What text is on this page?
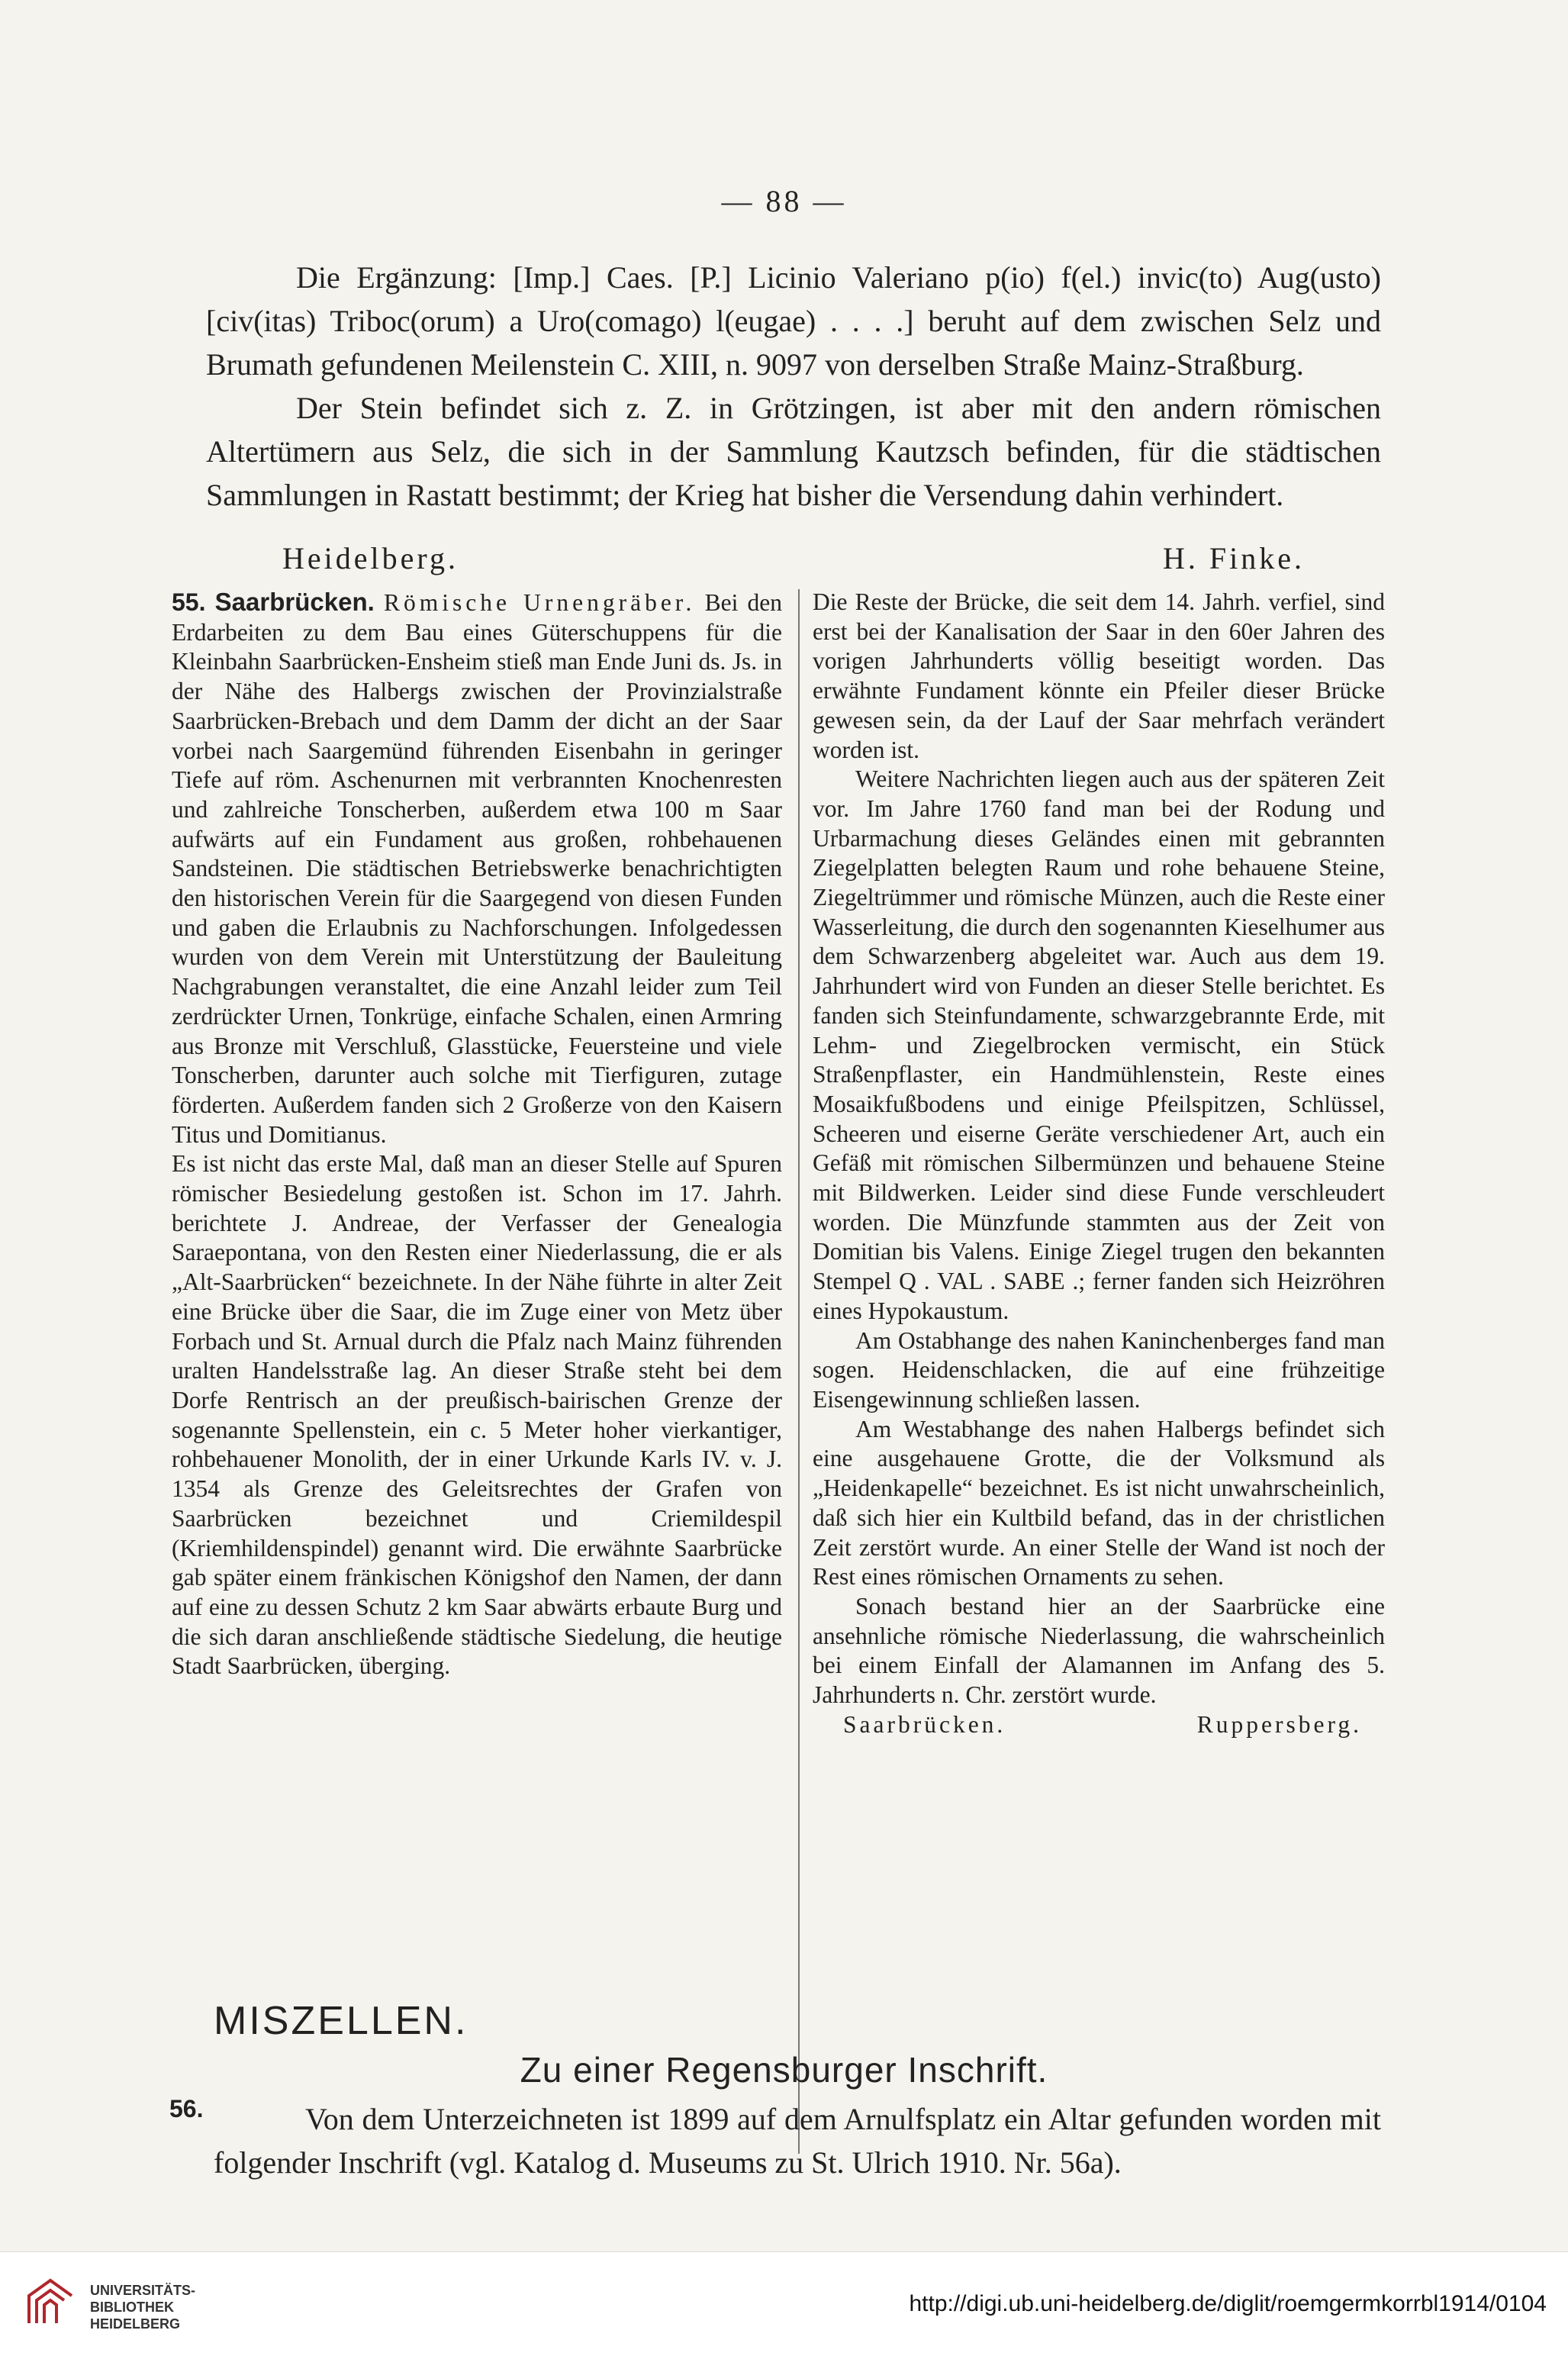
— 88 —

Die Ergänzung: [Imp.] Caes. [P.] Licinio Valeriano p(io) f(el.) invic(to) Aug(usto) [civ(itas) Triboc(orum) a Uro(comago) l(eugae) . . . .] beruht auf dem zwischen Selz und Brumath gefundenen Meilenstein C. XIII, n. 9097 von derselben Straße Mainz-Straßburg.

Der Stein befindet sich z. Z. in Grötzingen, ist aber mit den andern römischen Altertümern aus Selz, die sich in der Sammlung Kautzsch befinden, für die städtischen Sammlungen in Rastatt bestimmt; der Krieg hat bisher die Versendung dahin verhindert.

Heidelberg.	H. Finke.

55. Saarbrücken. Römische Urnengräber. Bei den Erdarbeiten zu dem Bau eines Güterschuppens für die Kleinbahn Saarbrücken-Ensheim stieß man Ende Juni ds. Js. in der Nähe des Halbergs zwischen der Provinzialstraße Saarbrücken-Brebach und dem Damm der dicht an der Saar vorbei nach Saargemünd führenden Eisenbahn in geringer Tiefe auf röm. Aschenurnen mit verbrannten Knochenresten und zahlreiche Tonscherben, außerdem etwa 100 m Saar aufwärts auf ein Fundament aus großen, rohbehauenen Sandsteinen. Die städtischen Betriebswerke benachrichtigten den historischen Verein für die Saargegend von diesen Funden und gaben die Erlaubnis zu Nachforschungen. Infolgedessen wurden von dem Verein mit Unterstützung der Bauleitung Nachgrabungen veranstaltet, die eine Anzahl leider zum Teil zerdrückter Urnen, Tonkrüge, einfache Schalen, einen Armring aus Bronze mit Verschluß, Glasstücke, Feuersteine und viele Tonscherben, darunter auch solche mit Tierfiguren, zutage förderten. Außerdem fanden sich 2 Großerze von den Kaisern Titus und Domitianus.

Es ist nicht das erste Mal, daß man an dieser Stelle auf Spuren römischer Besiedelung gestoßen ist. Schon im 17. Jahrh. berichtete J. Andreae, der Verfasser der Genealogia Saraepontana, von den Resten einer Niederlassung, die er als „Alt-Saarbrücken“ bezeichnete. In der Nähe führte in alter Zeit eine Brücke über die Saar, die im Zuge einer von Metz über Forbach und St. Arnual durch die Pfalz nach Mainz führenden uralten Handelsstraße lag. An dieser Straße steht bei dem Dorfe Rentrisch an der preußisch-bairischen Grenze der sogenannte Spellenstein, ein c. 5 Meter hoher vierkantiger, rohbehauener Monolith, der in einer Urkunde Karls IV. v. J. 1354 als Grenze des Geleitsrechtes der Grafen von Saarbrücken bezeichnet und Criemildespil (Kriemhildenspindel) genannt wird. Die erwähnte Saarbrücke gab später einem fränkischen Königshof den Namen, der dann auf eine zu dessen Schutz 2 km Saar abwärts erbaute Burg und die sich daran anschließende städtische Siedelung, die heutige Stadt Saarbrücken, überging.

Die Reste der Brücke, die seit dem 14. Jahrh. verfiel, sind erst bei der Kanalisation der Saar in den 60er Jahren des vorigen Jahrhunderts völlig beseitigt worden. Das erwähnte Fundament könnte ein Pfeiler dieser Brücke gewesen sein, da der Lauf der Saar mehrfach verändert worden ist.

Weitere Nachrichten liegen auch aus der späteren Zeit vor. Im Jahre 1760 fand man bei der Rodung und Urbarmachung dieses Geländes einen mit gebrannten Ziegelplatten belegten Raum und rohe behauene Steine, Ziegeltrümmer und römische Münzen, auch die Reste einer Wasserleitung, die durch den sogenannten Kieselhumer aus dem Schwarzenberg abgeleitet war. Auch aus dem 19. Jahrhundert wird von Funden an dieser Stelle berichtet. Es fanden sich Steinfundamente, schwarzgebrannte Erde, mit Lehm- und Ziegelbrocken vermischt, ein Stück Straßenpflaster, ein Handmühlenstein, Reste eines Mosaikfußbodens und einige Pfeilspitzen, Schlüssel, Scheeren und eiserne Geräte verschiedener Art, auch ein Gefäß mit römischen Silbermünzen und behauene Steine mit Bildwerken. Leider sind diese Funde verschleudert worden. Die Münzfunde stammten aus der Zeit von Domitian bis Valens. Einige Ziegel trugen den bekannten Stempel Q . VAL . SABE .; ferner fanden sich Heizröhren eines Hypokaustum.

Am Ostabhange des nahen Kaninchenberges fand man sogen. Heidenschlacken, die auf eine frühzeitige Eisengewinnung schließen lassen.

Am Westabhange des nahen Halbergs befindet sich eine ausgehauene Grotte, die der Volksmund als „Heidenkapelle“ bezeichnet. Es ist nicht unwahrscheinlich, daß sich hier ein Kultbild befand, das in der christlichen Zeit zerstört wurde. An einer Stelle der Wand ist noch der Rest eines römischen Ornaments zu sehen.

Sonach bestand hier an der Saarbrücke eine ansehnliche römische Niederlassung, die wahrscheinlich bei einem Einfall der Alamannen im Anfang des 5. Jahrhunderts n. Chr. zerstört wurde.

Saarbrücken.	Ruppersberg.
MISZELLEN.
Zu einer Regensburger Inschrift.
56.	Von dem Unterzeichneten ist 1899 auf dem Arnulfsplatz ein Altar gefunden worden mit folgender Inschrift (vgl. Katalog d. Museums zu St. Ulrich 1910. Nr. 56a).

UNIVERSITÄTS-
BIBLIOTHEK
HEIDELBERG
http://digi.ub.uni-heidelberg.de/diglit/roemgermkorrbl1914/0104
